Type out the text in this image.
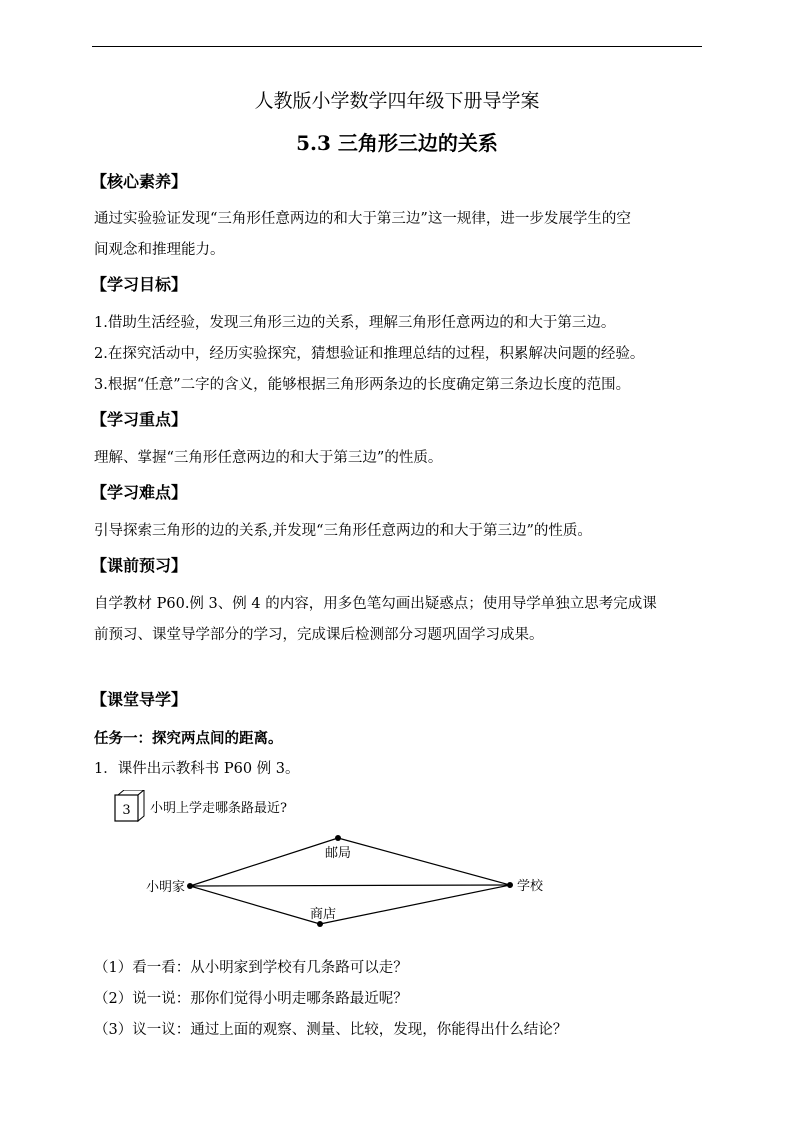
人教版小学数学四年级下册导学案
5.3 三角形三边的关系
【核心素养】
通过实验验证发现“三角形任意两边的和大于第三边”这一规律，进一步发展学生的空
间观念和推理能力。
【学习目标】
1.借助生活经验，发现三角形三边的关系，理解三角形任意两边的和大于第三边。
2.在探究活动中，经历实验探究，猜想验证和推理总结的过程，积累解决问题的经验。
3.根据“任意”二字的含义，能够根据三角形两条边的长度确定第三条边长度的范围。
【学习重点】
理解、掌握“三角形任意两边的和大于第三边”的性质。
【学习难点】
引导探索三角形的边的关系,并发现“三角形任意两边的和大于第三边”的性质。
【课前预习】
自学教材 P60.例 3、例 4 的内容，用多色笔勾画出疑惑点；使用导学单独立思考完成课
前预习、课堂导学部分的学习，完成课后检测部分习题巩固学习成果。
【课堂导学】
任务一：探究两点间的距离。
1．课件出示教科书 P60 例 3。
3 小明上学走哪条路最近?
小明家	学校
邮局
商店
（1）看一看：从小明家到学校有几条路可以走？
（2）说一说：那你们觉得小明走哪条路最近呢？
（3）议一议：通过上面的观察、测量、比较，发现，你能得出什么结论？
